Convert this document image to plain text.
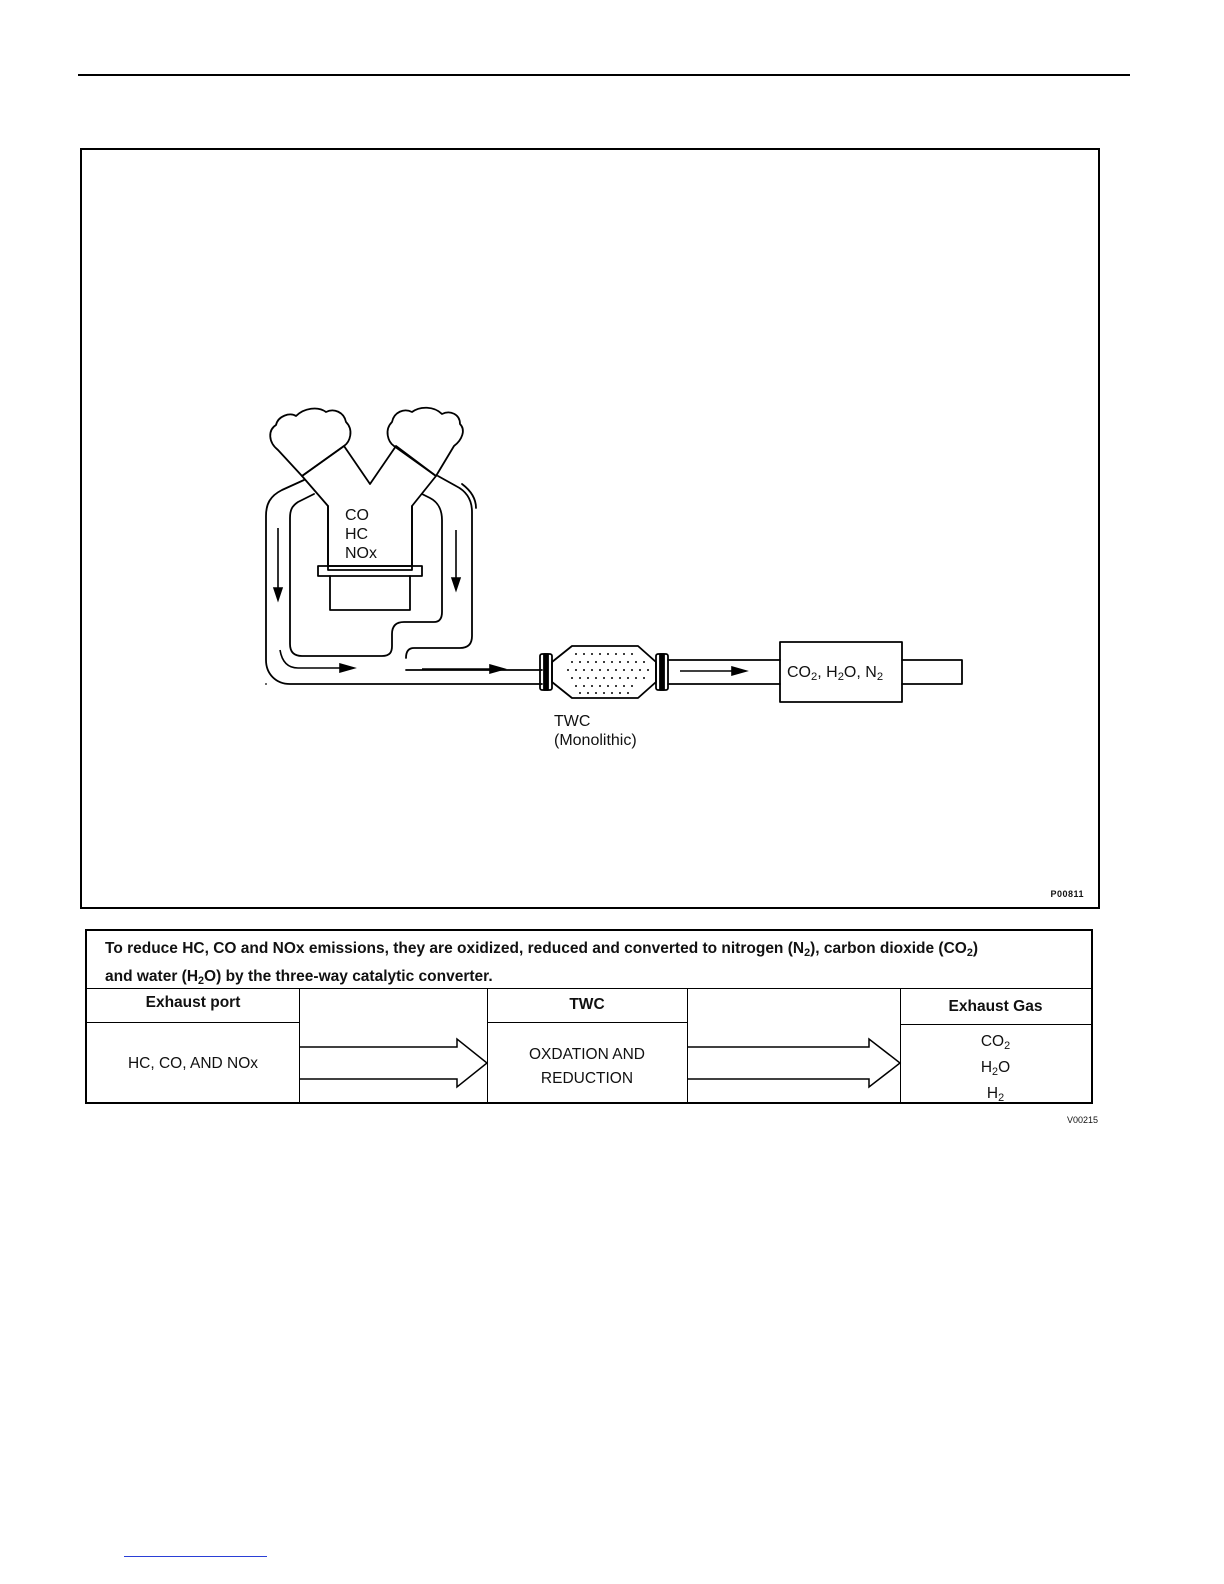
CO
HC
NOx
$CO_2$, $H_2O$, $N_2$
TWC
(Monolithic)
P00811
To reduce HC, CO and NOx emissions, they are oxidized, reduced and converted to nitrogen $(N_2)$, carbon dioxide $(CO_2)$
and water $(H_2O)$ by the three-way catalytic converter.
Exhaust port	TWC	Exhaust Gas
HC, CO, AND NOx
OXDATION AND
REDUCTION
$CO_2$
$H_2O$
$H_2$
V00215
